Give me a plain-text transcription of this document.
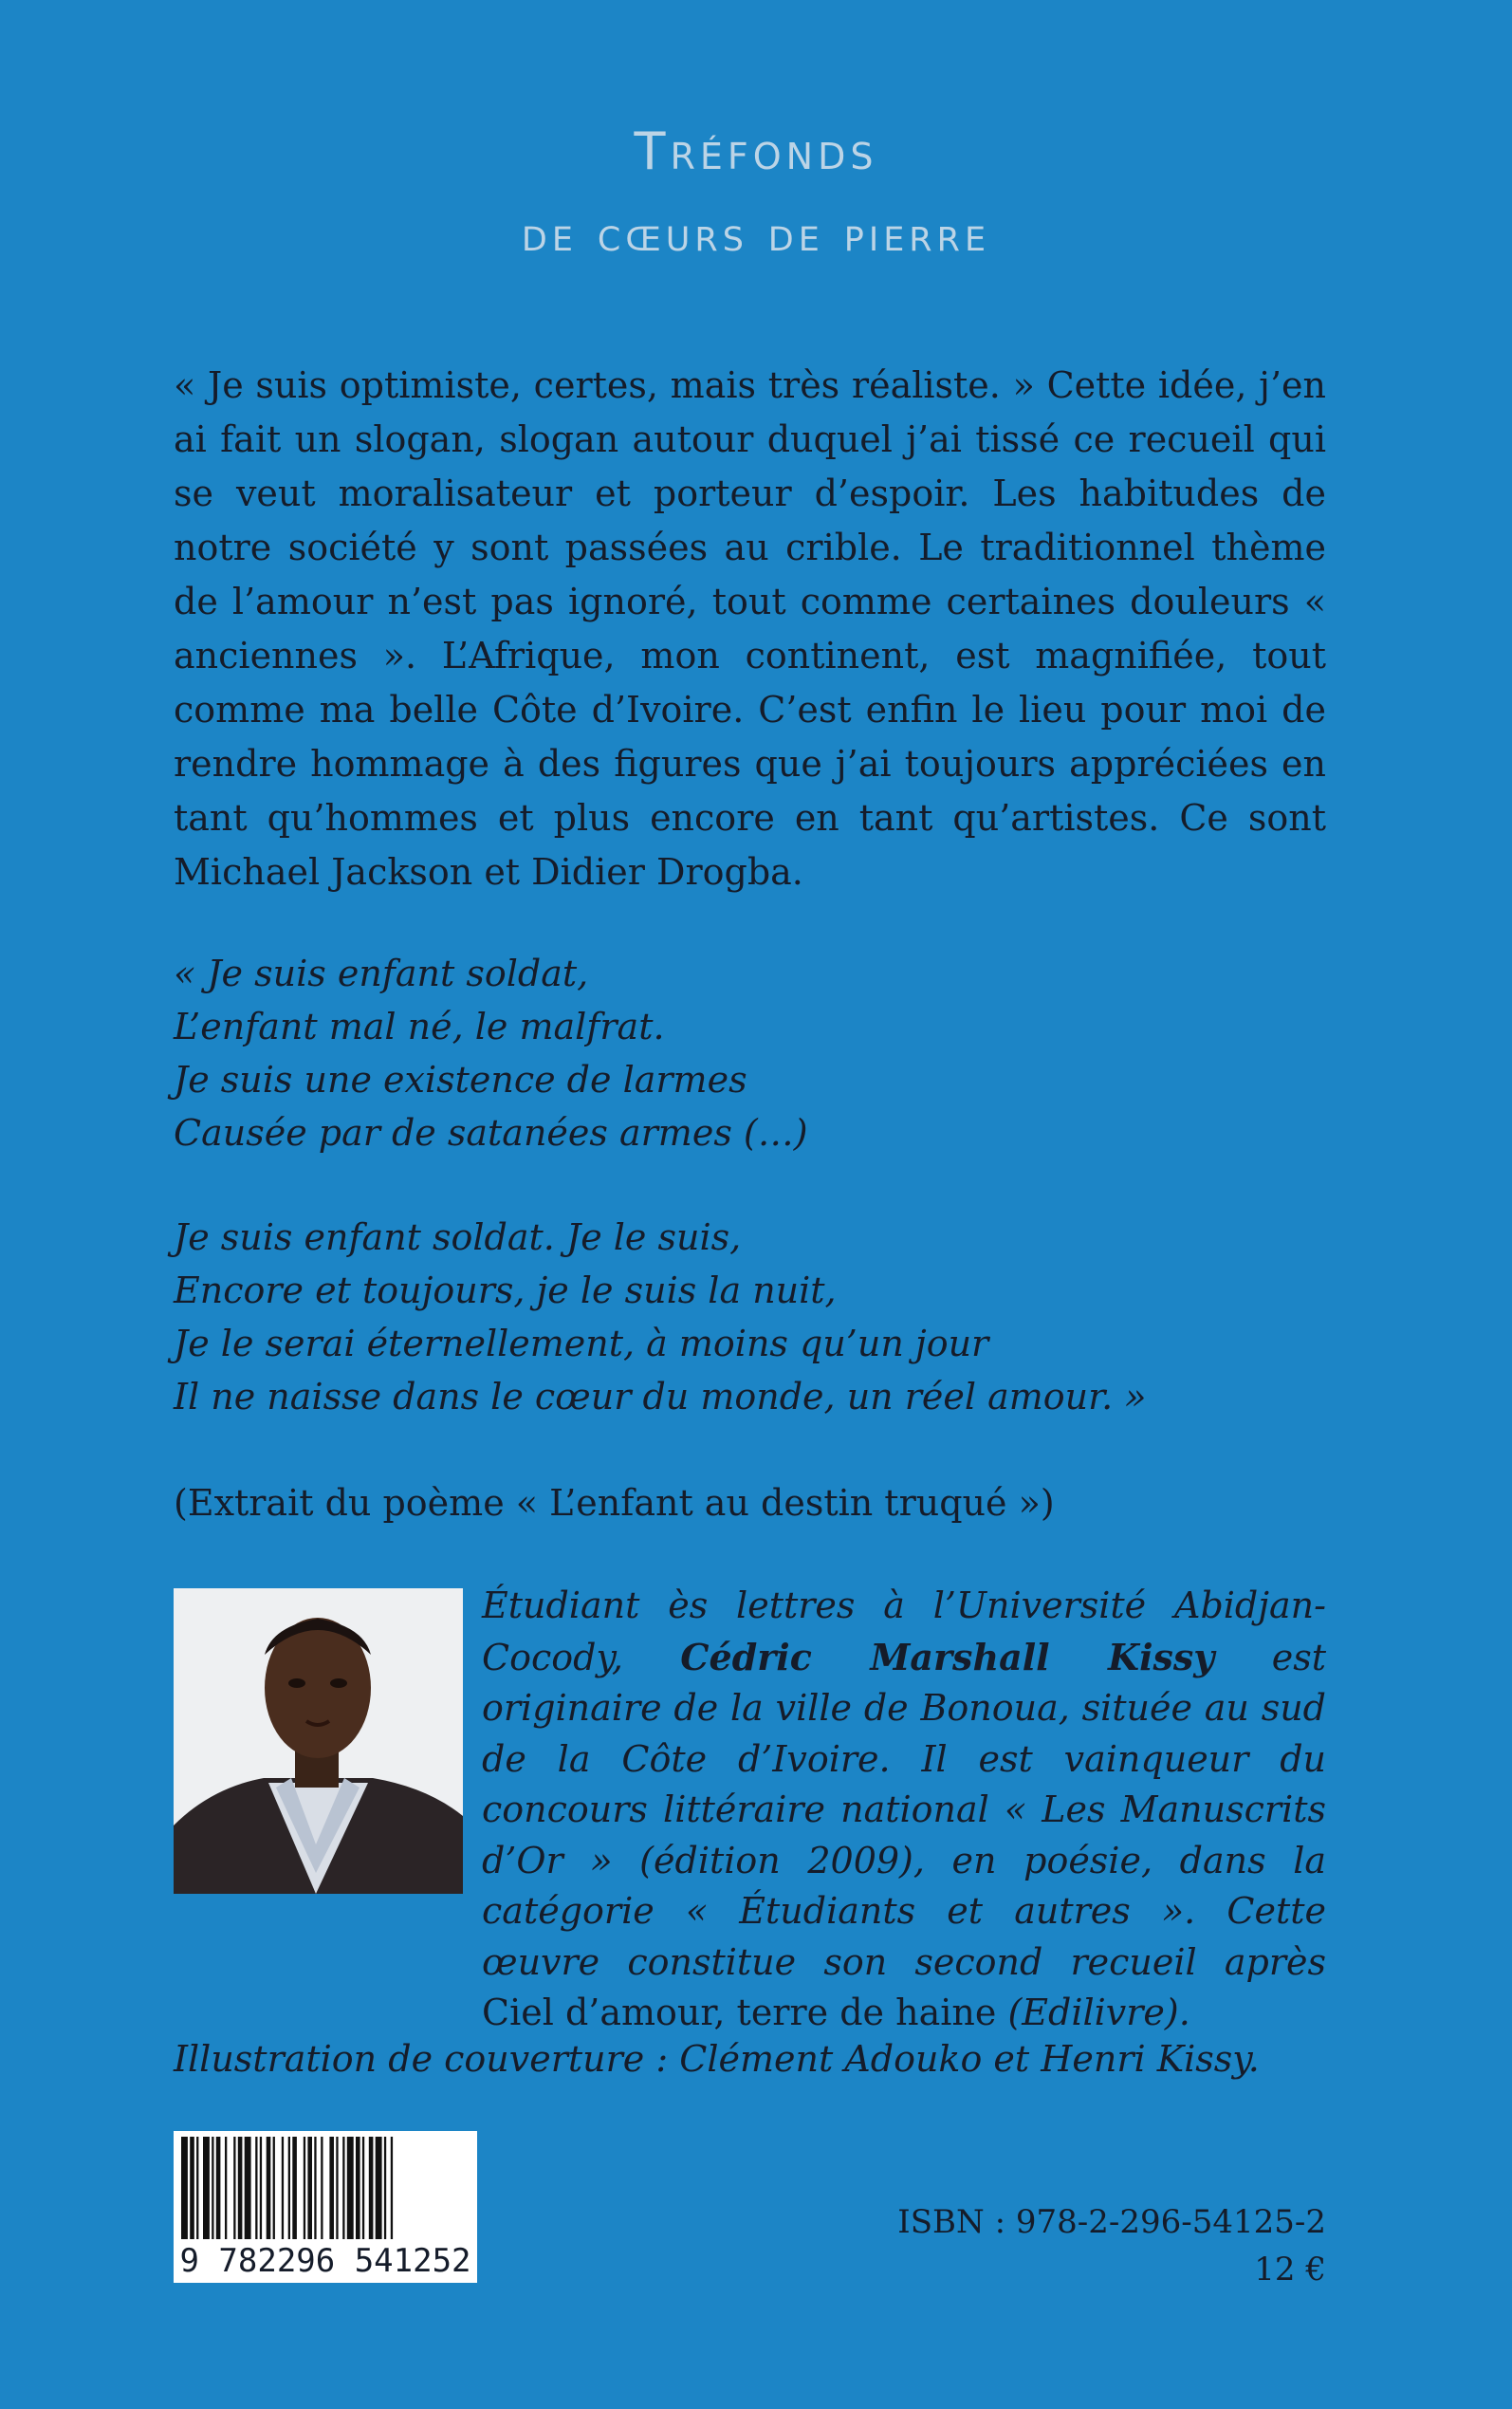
Tréfonds
de cœurs de pierre

« Je suis optimiste, certes, mais très réaliste. » Cette idée, j’en ai fait un slogan, slogan autour duquel j’ai tissé ce recueil qui se veut moralisateur et porteur d’espoir. Les habitudes de notre société y sont passées au crible. Le traditionnel thème de l’amour n’est pas ignoré, tout comme certaines douleurs « anciennes ». L’Afrique, mon continent, est magnifiée, tout comme ma belle Côte d’Ivoire. C’est enfin le lieu pour moi de rendre hommage à des figures que j’ai toujours appréciées en tant qu’hommes et plus encore en tant qu’artistes. Ce sont Michael Jackson et Didier Drogba.

« Je suis enfant soldat,
L’enfant mal né, le malfrat.
Je suis une existence de larmes
Causée par de satanées armes (…)
Je suis enfant soldat. Je le suis,
Encore et toujours, je le suis la nuit,
Je le serai éternellement, à moins qu’un jour
Il ne naisse dans le cœur du monde, un réel amour. »

(Extrait du poème « L’enfant au destin truqué »)

Étudiant ès lettres à l’Université Abidjan-Cocody, Cédric Marshall Kissy est originaire de la ville de Bonoua, située au sud de la Côte d’Ivoire. Il est vainqueur du concours littéraire national « Les Manuscrits d’Or » (édition 2009), en poésie, dans la catégorie « Étudiants et autres ». Cette œuvre constitue son second recueil après Ciel d’amour, terre de haine (Edilivre).

Illustration de couverture : Clément Adouko et Henri Kissy.

9 782296 541252

ISBN : 978-2-296-54125-2

12 €
